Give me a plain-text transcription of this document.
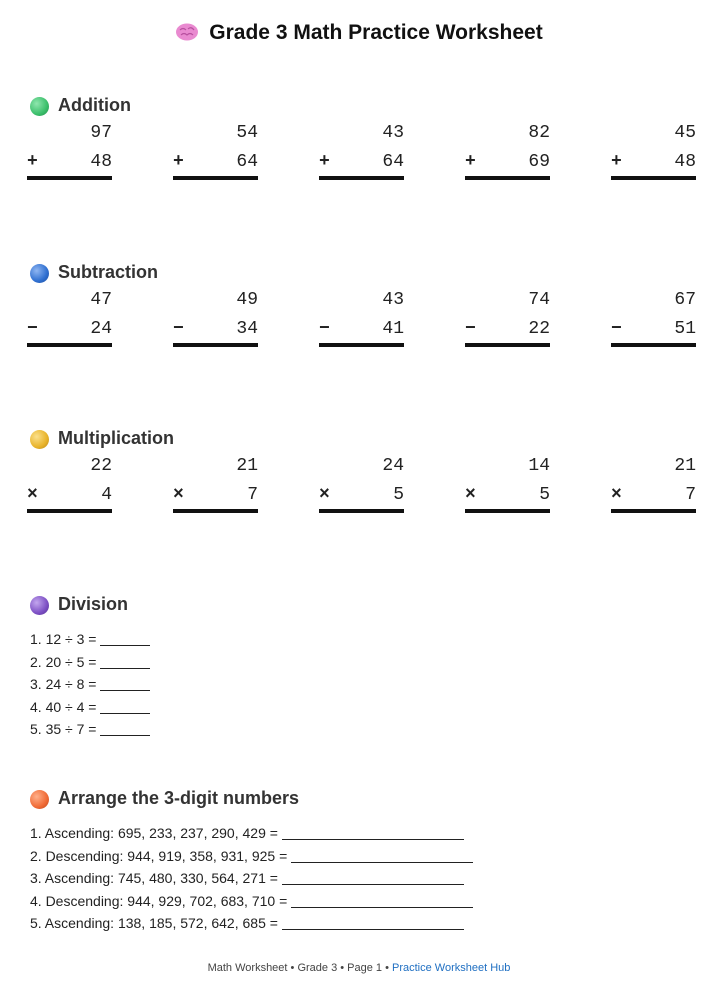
Grade 3 Math Practice Worksheet
Addition
97
+	48
54
+	64
43
+	64
82
+	69
45
+	48
Subtraction
47
−	24
49
−	34
43
−	41
74
−	22
67
−	51
Multiplication
22
×	4
21
×	7
24
×	5
14
×	5
21
×	7
Division
1. 12 ÷ 3 =
2. 20 ÷ 5 =
3. 24 ÷ 8 =
4. 40 ÷ 4 =
5. 35 ÷ 7 =
Arrange the 3-digit numbers
1. Ascending: 695, 233, 237, 290, 429 =
2. Descending: 944, 919, 358, 931, 925 =
3. Ascending: 745, 480, 330, 564, 271 =
4. Descending: 944, 929, 702, 683, 710 =
5. Ascending: 138, 185, 572, 642, 685 =
Math Worksheet • Grade 3 • Page 1 • Practice Worksheet Hub
